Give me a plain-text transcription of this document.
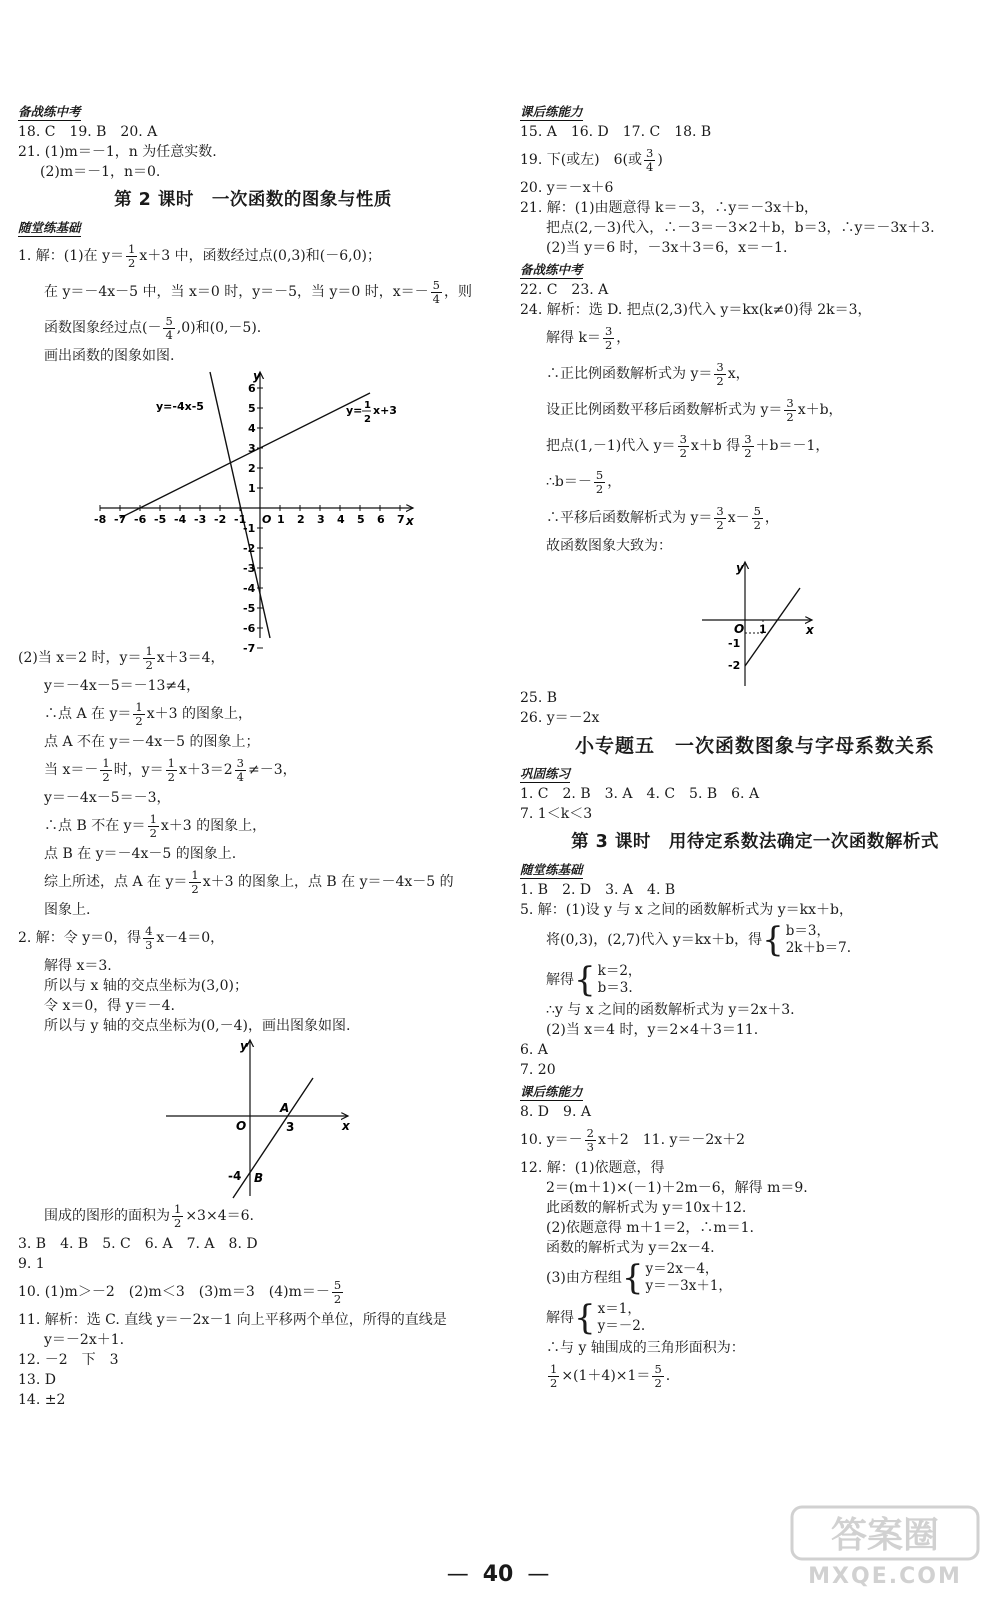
备战练中考

18. C　19. B　20. A

21. (1)m＝－1，n 为任意实数.

(2)m＝－1，n＝0.

第 2 课时　一次函数的图象与性质
随堂练基础

1. 解：(1)在 $y= \frac{1}{2} x+3$ 中，函数经过点(0,3)和(－6,0)；

在 y＝－4x－5 中，当 x＝0 时，y＝－5，当 y＝0 时，$x=- \frac{5}{4}$ ，则

函数图象经过点(－ $\frac{5}{4} ,0$)和(0,－5).

画出函数的图象如图.

6
5
4
3
2
1
-1
-2
-3
-4
-5
-6
-7
-8 -7 -6 -5 -4 -3 -2 -1	1 2 3 4 5 6 7
y
x
O
y=-4x-5	y= 1
2
x+3

(2)当 x＝2 时，$y= \frac{1}{2} x+3=4$，

y＝－4x－5＝－13≠4，

∴点 A 在 $y= \frac{1}{2} x+3$ 的图象上，

点 A 不在 y＝－4x－5 的图象上；

当 $x=- \frac{1}{2}$ 时，$y= \frac{1}{2} x+3=2 \frac{3}{4} \ne-3$，

y＝－4x－5＝－3，

∴点 B 不在 $y= \frac{1}{2} x+3$ 的图象上，

点 B 在 y＝－4x－5 的图象上.

综上所述，点 A 在 $y= \frac{1}{2} x+3$ 的图象上，点 B 在 y＝－4x－5 的

图象上.

2. 解：令 y＝0，得 $\frac{4}{3} x-4=0$，

解得 x＝3.

所以与 x 轴的交点坐标为(3,0)；

令 x＝0，得 y＝－4.

所以与 y 轴的交点坐标为(0,－4)，画出图象如图.

y
x
O
A
3
-4 B

围成的图形的面积为 $\frac{1}{2} \times 3\times 4=6$.

3. B　4. B　5. C　6. A　7. A　8. D

9. 1

10. (1)m＞－2　(2)m＜3　(3)m＝3　$(4)m=- \frac{5}{2}$

11. 解析：选 C. 直线 y＝－2x－1 向上平移两个单位，所得的直线是

y＝－2x＋1.

12. －2　下　3

13. D

14. ±2

课后练能力

15. A　16. D　17. C　18. B

19. 下(或左)　6(或 $\frac{3}{4}$ )

20. y＝－x＋6

21. 解：(1)由题意得 k＝－3，∴y＝－3x＋b，

把点(2,－3)代入，∴－3＝－3×2＋b，b＝3，∴y＝－3x＋3.

(2)当 y＝6 时，－3x＋3＝6，x＝－1.

备战练中考

22. C　23. A

24. 解析：选 D. 把点(2,3)代入 y＝kx(k≠0)得 2k＝3，

解得 $k= \frac{3}{2}$ ，

∴正比例函数解析式为 $y= \frac{3}{2}$ x，

设正比例函数平移后函数解析式为 $y= \frac{3}{2} x+b$，

把点(1,－1)代入 $y= \frac{3}{2} x+b$ 得 $\frac{3}{2} +b=-1$，

∴b＝－ $\frac{5}{2}$ ，

∴平移后函数解析式为 $y= \frac{3}{2} x- \frac{5}{2}$ ，

故函数图象大致为：

y
x
O 1
-1
-2

25. B

26. y＝－2x

小专题五　一次函数图象与字母系数关系
巩固练习

1. C　2. B　3. A　4. C　5. B　6. A

7. 1＜k＜3

第 3 课时　用待定系数法确定一次函数解析式
随堂练基础

1. B　2. D　3. A　4. B

5. 解：(1)设 y 与 x 之间的函数解析式为 y＝kx＋b，

将(0,3)，(2,7)代入 y＝kx＋b，得 { b＝3，
2k＋b＝7.

解得 { k＝2，
b＝3.

∴y 与 x 之间的函数解析式为 y＝2x＋3.

(2)当 x＝4 时，y＝2×4＋3＝11.

6. A

7. 20

课后练能力

8. D　9. A

10. $y=- \frac{2}{3} x+2$　11. y＝－2x＋2

12. 解：(1)依题意，得

2＝(m＋1)×(－1)＋2m－6，解得 m＝9.

此函数的解析式为 y＝10x＋12.

(2)依题意得 m＋1＝2，∴m＝1.

函数的解析式为 y＝2x－4.

(3)由方程组 { y＝2x－4，
y＝－3x＋1，

解得 { x＝1，
y＝－2.

∴与 y 轴围成的三角形面积为：

$\frac{1}{2} \times(1+4)\times 1= \frac{5}{2}$ .

答案圈
MXQE.COM
— 40 —
